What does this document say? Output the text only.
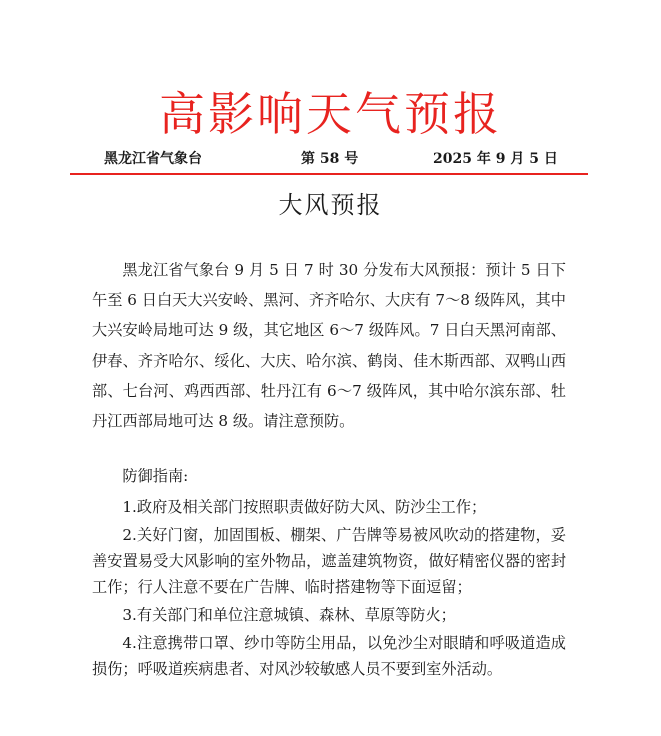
高影响天气预报
黑龙江省气象台	第 58 号	2025 年 9 月 5 日
大风预报

黑龙江省气象台 9 月 5 日 7 时 30 分发布大风预报：预计 5 日下午至 6 日白天大兴安岭、黑河、齐齐哈尔、大庆有 7～8 级阵风，其中大兴安岭局地可达 9 级，其它地区 6～7 级阵风。7 日白天黑河南部、伊春、齐齐哈尔、绥化、大庆、哈尔滨、鹤岗、佳木斯西部、双鸭山西部、七台河、鸡西西部、牡丹江有 6～7 级阵风，其中哈尔滨东部、牡丹江西部局地可达 8 级。请注意预防。

防御指南:

1.政府及相关部门按照职责做好防大风、防沙尘工作；

2.关好门窗，加固围板、棚架、广告牌等易被风吹动的搭建物，妥善安置易受大风影响的室外物品，遮盖建筑物资，做好精密仪器的密封工作；行人注意不要在广告牌、临时搭建物等下面逗留；

3.有关部门和单位注意城镇、森林、草原等防火；

4.注意携带口罩、纱巾等防尘用品，以免沙尘对眼睛和呼吸道造成损伤；呼吸道疾病患者、对风沙较敏感人员不要到室外活动。
